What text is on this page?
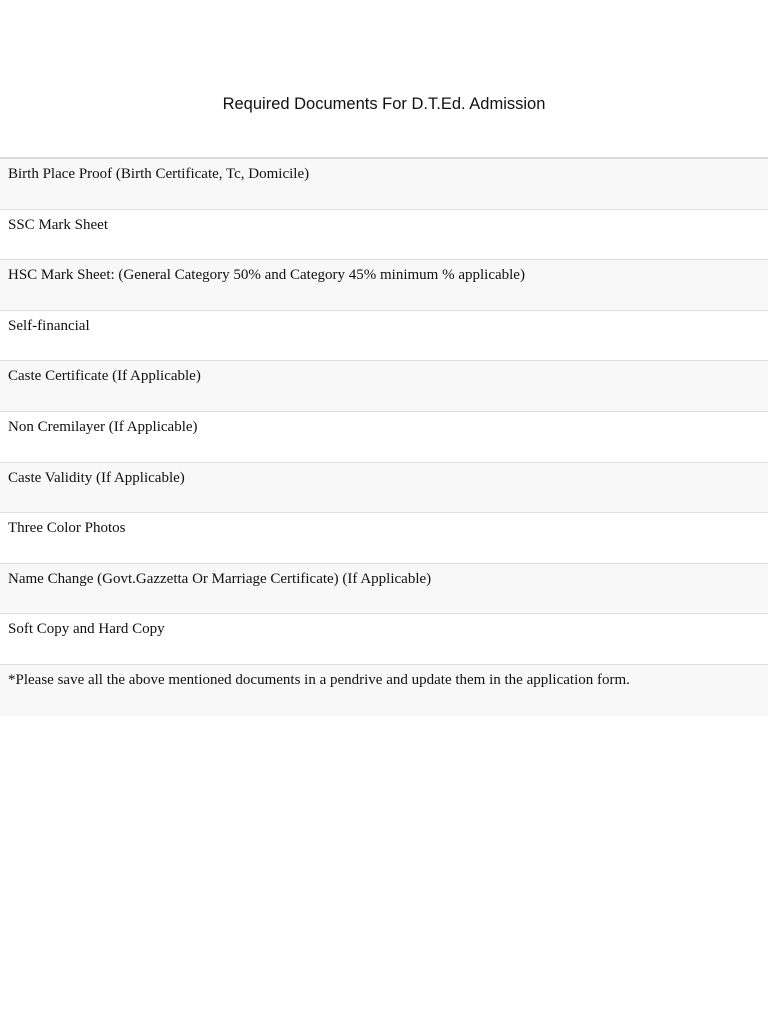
Required Documents For D.T.Ed. Admission
Birth Place Proof (Birth Certificate, Tc, Domicile)
SSC Mark Sheet
HSC Mark Sheet: (General Category 50% and Category 45% minimum % applicable)
Self-financial
Caste Certificate (If Applicable)
Non Cremilayer (If Applicable)
Caste Validity (If Applicable)
Three Color Photos
Name Change (Govt.Gazzetta Or Marriage Certificate) (If Applicable)
Soft Copy and Hard Copy
*Please save all the above mentioned documents in a pendrive and update them in the application form.
